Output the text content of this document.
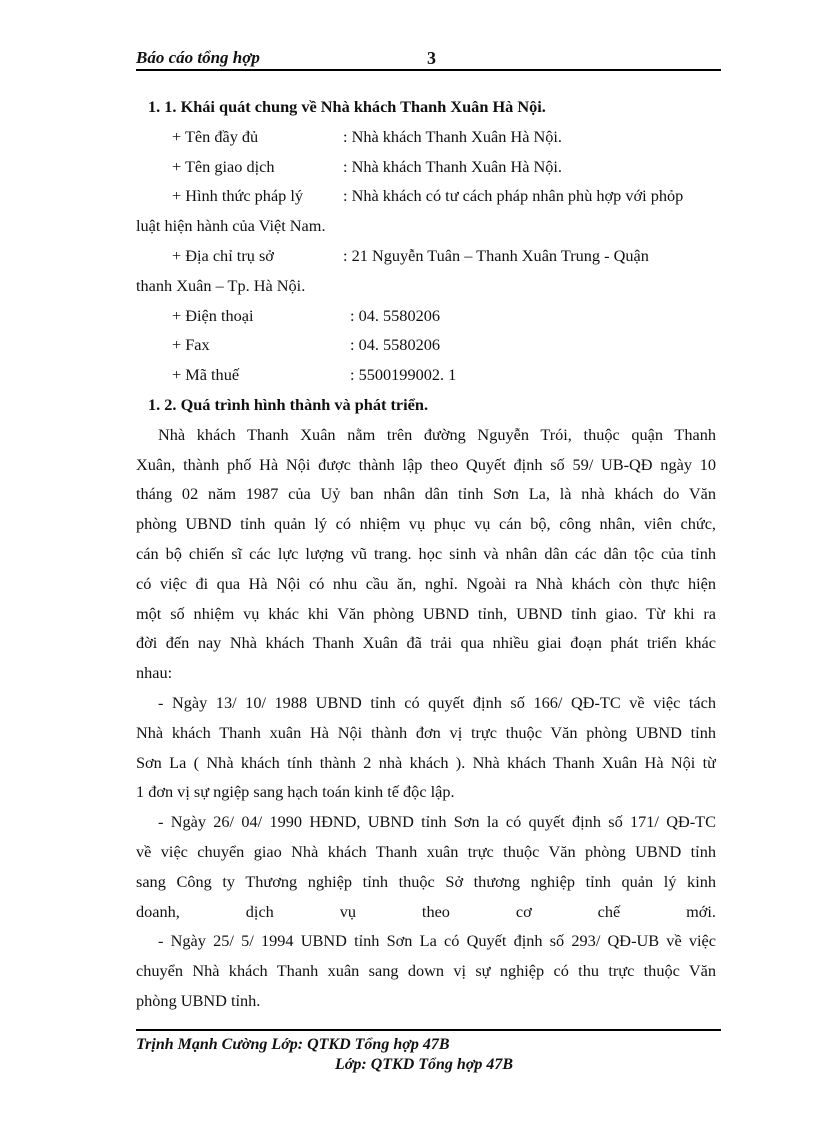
Báo cáo tổng hợp	3
1. 1. Khái quát chung về Nhà khách Thanh Xuân Hà Nội.
+ Tên đầy đủ	: Nhà khách Thanh Xuân Hà Nội.
+ Tên giao dịch	: Nhà khách Thanh Xuân Hà Nội.
+ Hình thức pháp lý : Nhà khách có tư cách pháp nhân phù hợp với phỏp
luật hiện hành của Việt Nam.
+ Địa chỉ trụ sở	: 21 Nguyễn Tuân – Thanh Xuân Trung - Quận
thanh Xuân – Tp. Hà Nội.
+ Điện thoại	: 04. 5580206
+ Fax	: 04. 5580206
+ Mã thuế	: 5500199002. 1
1. 2. Quá trình hình thành và phát triển.
Nhà khách Thanh Xuân nằm trên đường Nguyễn Trói, thuộc quận Thanh
Xuân, thành phố Hà Nội được thành lập theo Quyết định số 59/ UB-QĐ ngày 10
tháng 02 năm 1987 của Uỷ ban nhân dân tỉnh Sơn La, là nhà khách do Văn
phòng UBND tỉnh quản lý có nhiệm vụ phục vụ cán bộ, công nhân, viên chức,
cán bộ chiến sĩ các lực lượng vũ trang. học sinh và nhân dân các dân tộc của tỉnh
có việc đi qua Hà Nội có nhu cầu ăn, nghỉ. Ngoài ra Nhà khách còn thực hiện
một số nhiệm vụ khác khi Văn phòng UBND tỉnh, UBND tỉnh giao. Từ khi ra
đời đến nay Nhà khách Thanh Xuân đã trải qua nhiều giai đoạn phát triển khác
nhau:
- Ngày 13/ 10/ 1988 UBND tỉnh có quyết định số 166/ QĐ-TC về việc tách
Nhà khách Thanh xuân Hà Nội thành đơn vị trực thuộc Văn phòng UBND tỉnh
Sơn La ( Nhà khách tính thành 2 nhà khách ). Nhà khách Thanh Xuân Hà Nội từ
1 đơn vị sự ngiệp sang hạch toán kinh tế độc lập.
- Ngày 26/ 04/ 1990 HĐND, UBND tỉnh Sơn la có quyết định số 171/ QĐ-TC
về việc chuyển giao Nhà khách Thanh xuân trực thuộc Văn phòng UBND tỉnh
sang Công ty Thương nghiệp tỉnh thuộc Sở thương nghiệp tỉnh quản lý kinh
doanh, dịch vụ theo cơ chế mới.
- Ngày 25/ 5/ 1994 UBND tỉnh Sơn La có Quyết định số 293/ QĐ-UB về việc
chuyển Nhà khách Thanh xuân sang down vị sự nghiệp có thu trực thuộc Văn
phòng UBND tỉnh.
Trịnh Mạnh Cường Lớp: QTKD Tổng hợp 47B
Lớp: QTKD Tổng hợp 47B
